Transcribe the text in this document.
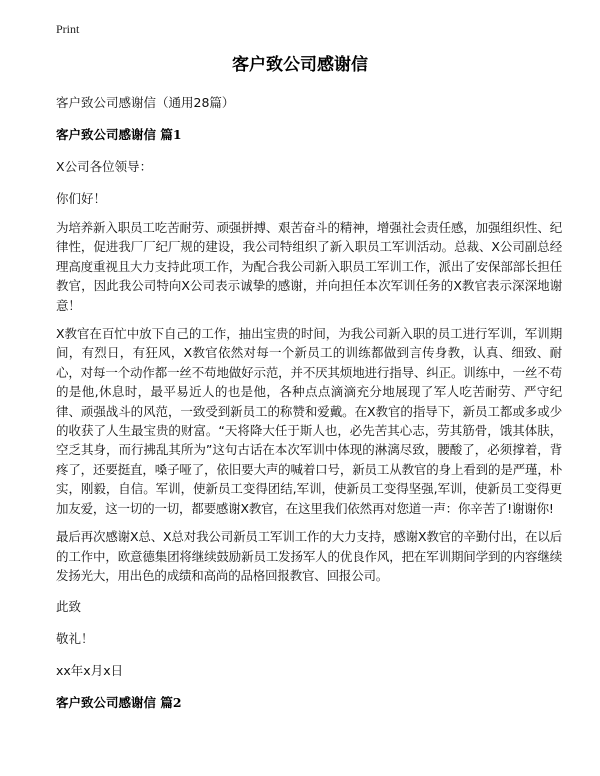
Print
客户致公司感谢信

客户致公司感谢信（通用28篇）

客户致公司感谢信 篇1

X公司各位领导：

你们好！

为培养新入职员工吃苦耐劳、顽强拼搏、艰苦奋斗的精神，增强社会责任感，加强组织性、纪律性，促进我厂厂纪厂规的建设，我公司特组织了新入职员工军训活动。总裁、X公司副总经理高度重视且大力支持此项工作，为配合我公司新入职员工军训工作，派出了安保部部长担任教官，因此我公司特向X公司表示诚挚的感谢，并向担任本次军训任务的X教官表示深深地谢意！

X教官在百忙中放下自己的工作，抽出宝贵的时间，为我公司新入职的员工进行军训，军训期间，有烈日，有狂风，X教官依然对每一个新员工的训练都做到言传身教，认真、细致、耐心，对每一个动作都一丝不苟地做好示范，并不厌其烦地进行指导、纠正。训练中，一丝不苟的是他,休息时，最平易近人的也是他，各种点点滴滴充分地展现了军人吃苦耐劳、严守纪律、顽强战斗的风范，一致受到新员工的称赞和爱戴。在X教官的指导下，新员工都或多或少的收获了人生最宝贵的财富。“天将降大任于斯人也，必先苦其心志，劳其筋骨，饿其体肤，空乏其身，而行拂乱其所为”这句古话在本次军训中体现的淋漓尽致，腰酸了，必须撑着，背疼了，还要挺直，嗓子哑了，依旧要大声的喊着口号，新员工从教官的身上看到的是严瑾，朴实，刚毅，自信。军训，使新员工变得团结,军训，使新员工变得坚强,军训，使新员工变得更加友爱，这一切的一切，都要感谢X教官，在这里我们依然再对您道一声：你辛苦了!谢谢你!

最后再次感谢X总、X总对我公司新员工军训工作的大力支持，感谢X教官的辛勤付出，在以后的工作中，欧意德集团将继续鼓励新员工发扬军人的优良作风，把在军训期间学到的内容继续发扬光大，用出色的成绩和高尚的品格回报教官、回报公司。

此致

敬礼！

xx年x月x日

客户致公司感谢信 篇2
